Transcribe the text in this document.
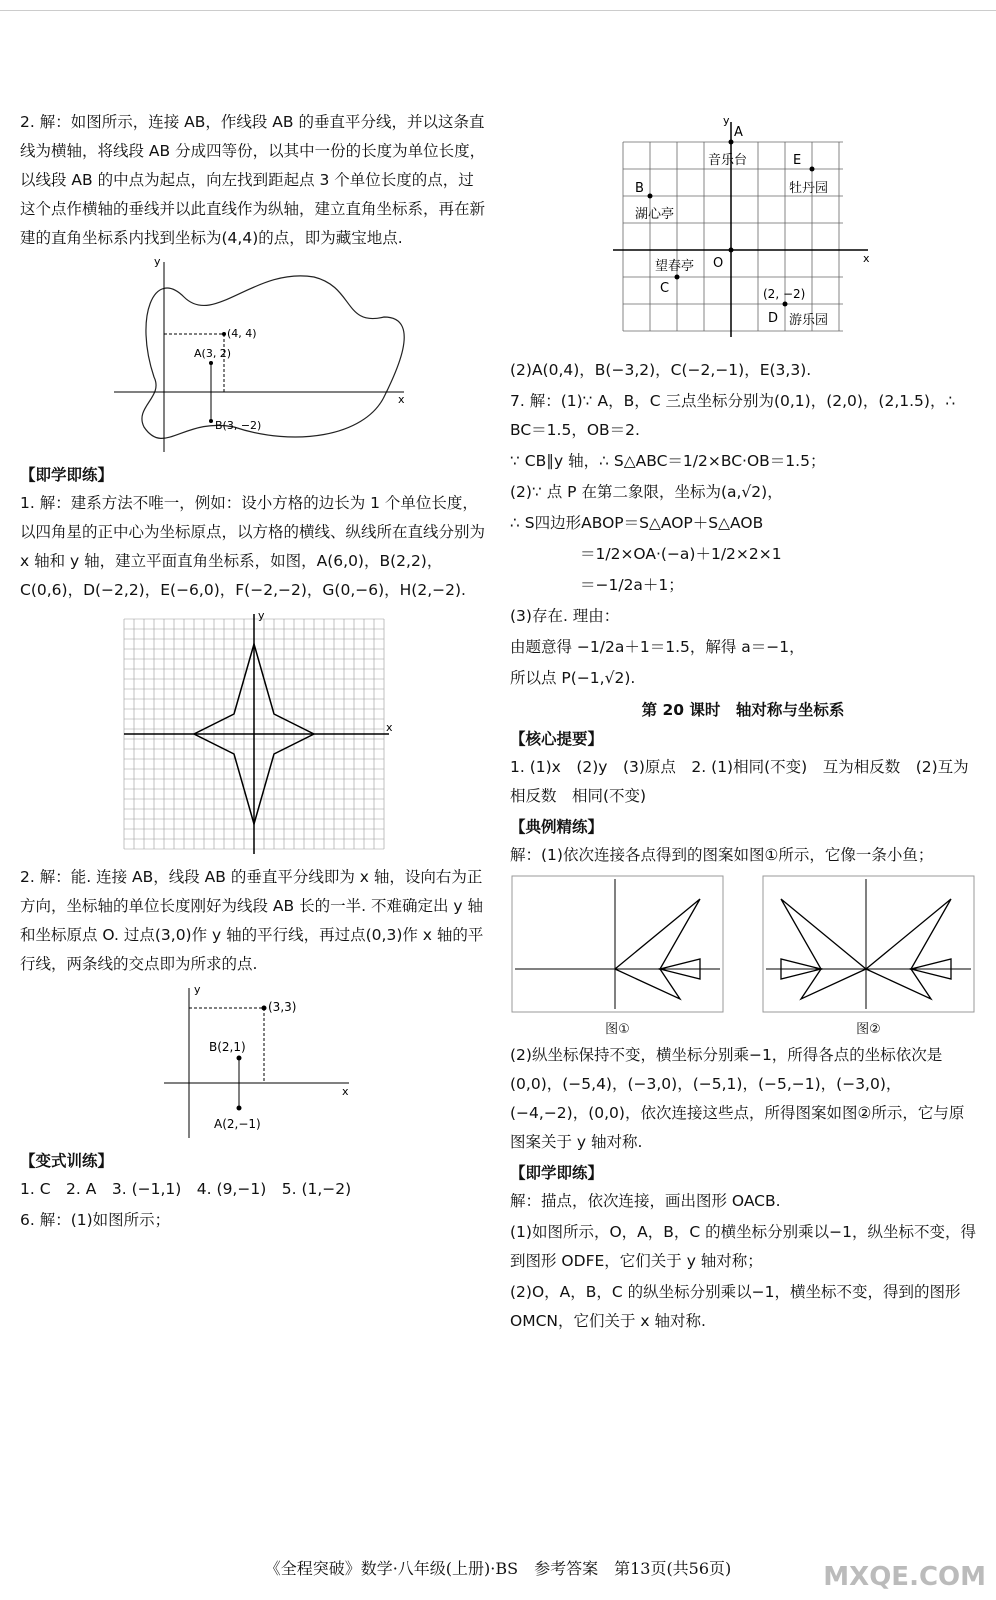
2. 解：如图所示，连接 AB，作线段 AB 的垂直平分线，并以这条直线为横轴，将线段 AB 分成四等份，以其中一份的长度为单位长度，以线段 AB 的中点为起点，向左找到距起点 3 个单位长度的点，过这个点作横轴的垂线并以此直线作为纵轴，建立直角坐标系，再在新建的直角坐标系内找到坐标为(4,4)的点，即为藏宝地点.

(4, 4)
A(3, 2)
B(3, −2)
x
y
【即学即练】

1. 解：建系方法不唯一，例如：设小方格的边长为 1 个单位长度，以四角星的正中心为坐标原点，以方格的横线、纵线所在直线分别为 x 轴和 y 轴，建立平面直角坐标系，如图，A(6,0)，B(2,2)，C(0,6)，D(−2,2)，E(−6,0)，F(−2,−2)，G(0,−6)，H(2,−2).

x
y

2. 解：能. 连接 AB，线段 AB 的垂直平分线即为 x 轴，设向右为正方向，坐标轴的单位长度刚好为线段 AB 长的一半. 不难确定出 y 轴和坐标原点 O. 过点(3,0)作 y 轴的平行线，再过点(0,3)作 x 轴的平行线，两条线的交点即为所求的点.

(3,3)
B(2,1)
A(2,−1)
x
y
【变式训练】

1. C　2. A　3. (−1,1)　4. (9,−1)　5. (1,−2)

6. 解：(1)如图所示；

x
y
A
E
B
C
D
O
音乐台
牡丹园
湖心亭
望春亭
游乐园
(2, −2)

(2)A(0,4)，B(−3,2)，C(−2,−1)，E(3,3).

7. 解：(1)∵ A，B，C 三点坐标分别为(0,1)，(2,0)，(2,1.5)，∴ BC＝1.5，OB＝2.

∵ CB∥y 轴，∴ S△ABC＝1/2×BC·OB＝1.5；

(2)∵ 点 P 在第二象限，坐标为(a,√2)，

∴ S四边形ABOP＝S△AOP＋S△AOB

＝1/2×OA·(−a)＋1/2×2×1

＝−1/2a＋1；

(3)存在. 理由：

由题意得 −1/2a＋1＝1.5，解得 a＝−1，

所以点 P(−1,√2).

第 20 课时　轴对称与坐标系
【核心提要】

1. (1)x　(2)y　(3)原点　2. (1)相同(不变)　互为相反数　(2)互为相反数　相同(不变)

【典例精练】

解：(1)依次连接各点得到的图案如图①所示，它像一条小鱼；

图①	图②

(2)纵坐标保持不变，横坐标分别乘−1，所得各点的坐标依次是(0,0)，(−5,4)，(−3,0)，(−5,1)，(−5,−1)，(−3,0)，(−4,−2)，(0,0)，依次连接这些点，所得图案如图②所示，它与原图案关于 y 轴对称.

【即学即练】

解：描点，依次连接，画出图形 OACB.

(1)如图所示，O，A，B，C 的横坐标分别乘以−1，纵坐标不变，得到图形 ODFE，它们关于 y 轴对称；

(2)O，A，B，C 的纵坐标分别乘以−1，横坐标不变，得到的图形 OMCN，它们关于 x 轴对称.

《全程突破》数学·八年级(上册)·BS　参考答案　第13页(共56页)	MXQE.COM
